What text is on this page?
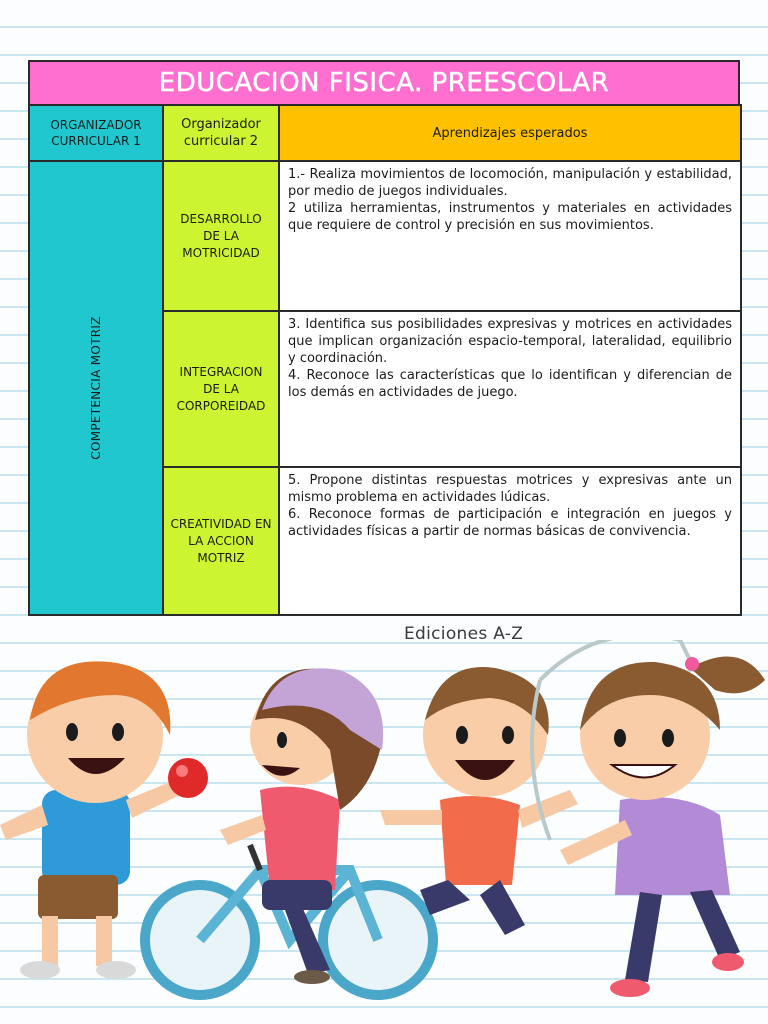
EDUCACION FISICA. PREESCOLAR
ORGANIZADOR CURRICULAR 1	Organizador curricular 2	Aprendizajes esperados

COMPETENCIA MOTRIZ	DESARROLLO DE LA MOTRICIDAD	1.- Realiza movimientos de locomoción, manipulación y estabilidad, por medio de juegos individuales.

2 utiliza herramientas, instrumentos y materiales en actividades que requiere de control y precisión en sus movimientos.

	INTEGRACION DE LA CORPOREIDAD	3. Identifica sus posibilidades expresivas y motrices en actividades que implican organización espacio-temporal, lateralidad, equilibrio y coordinación.

4. Reconoce las características que lo identifican y diferencian de los demás en actividades de juego.

	CREATIVIDAD EN LA ACCION MOTRIZ	5. Propone distintas respuestas motrices y expresivas ante un mismo problema en actividades lúdicas.

6. Reconoce formas de participación e integración en juegos y actividades físicas a partir de normas básicas de convivencia.

Ediciones A-Z
